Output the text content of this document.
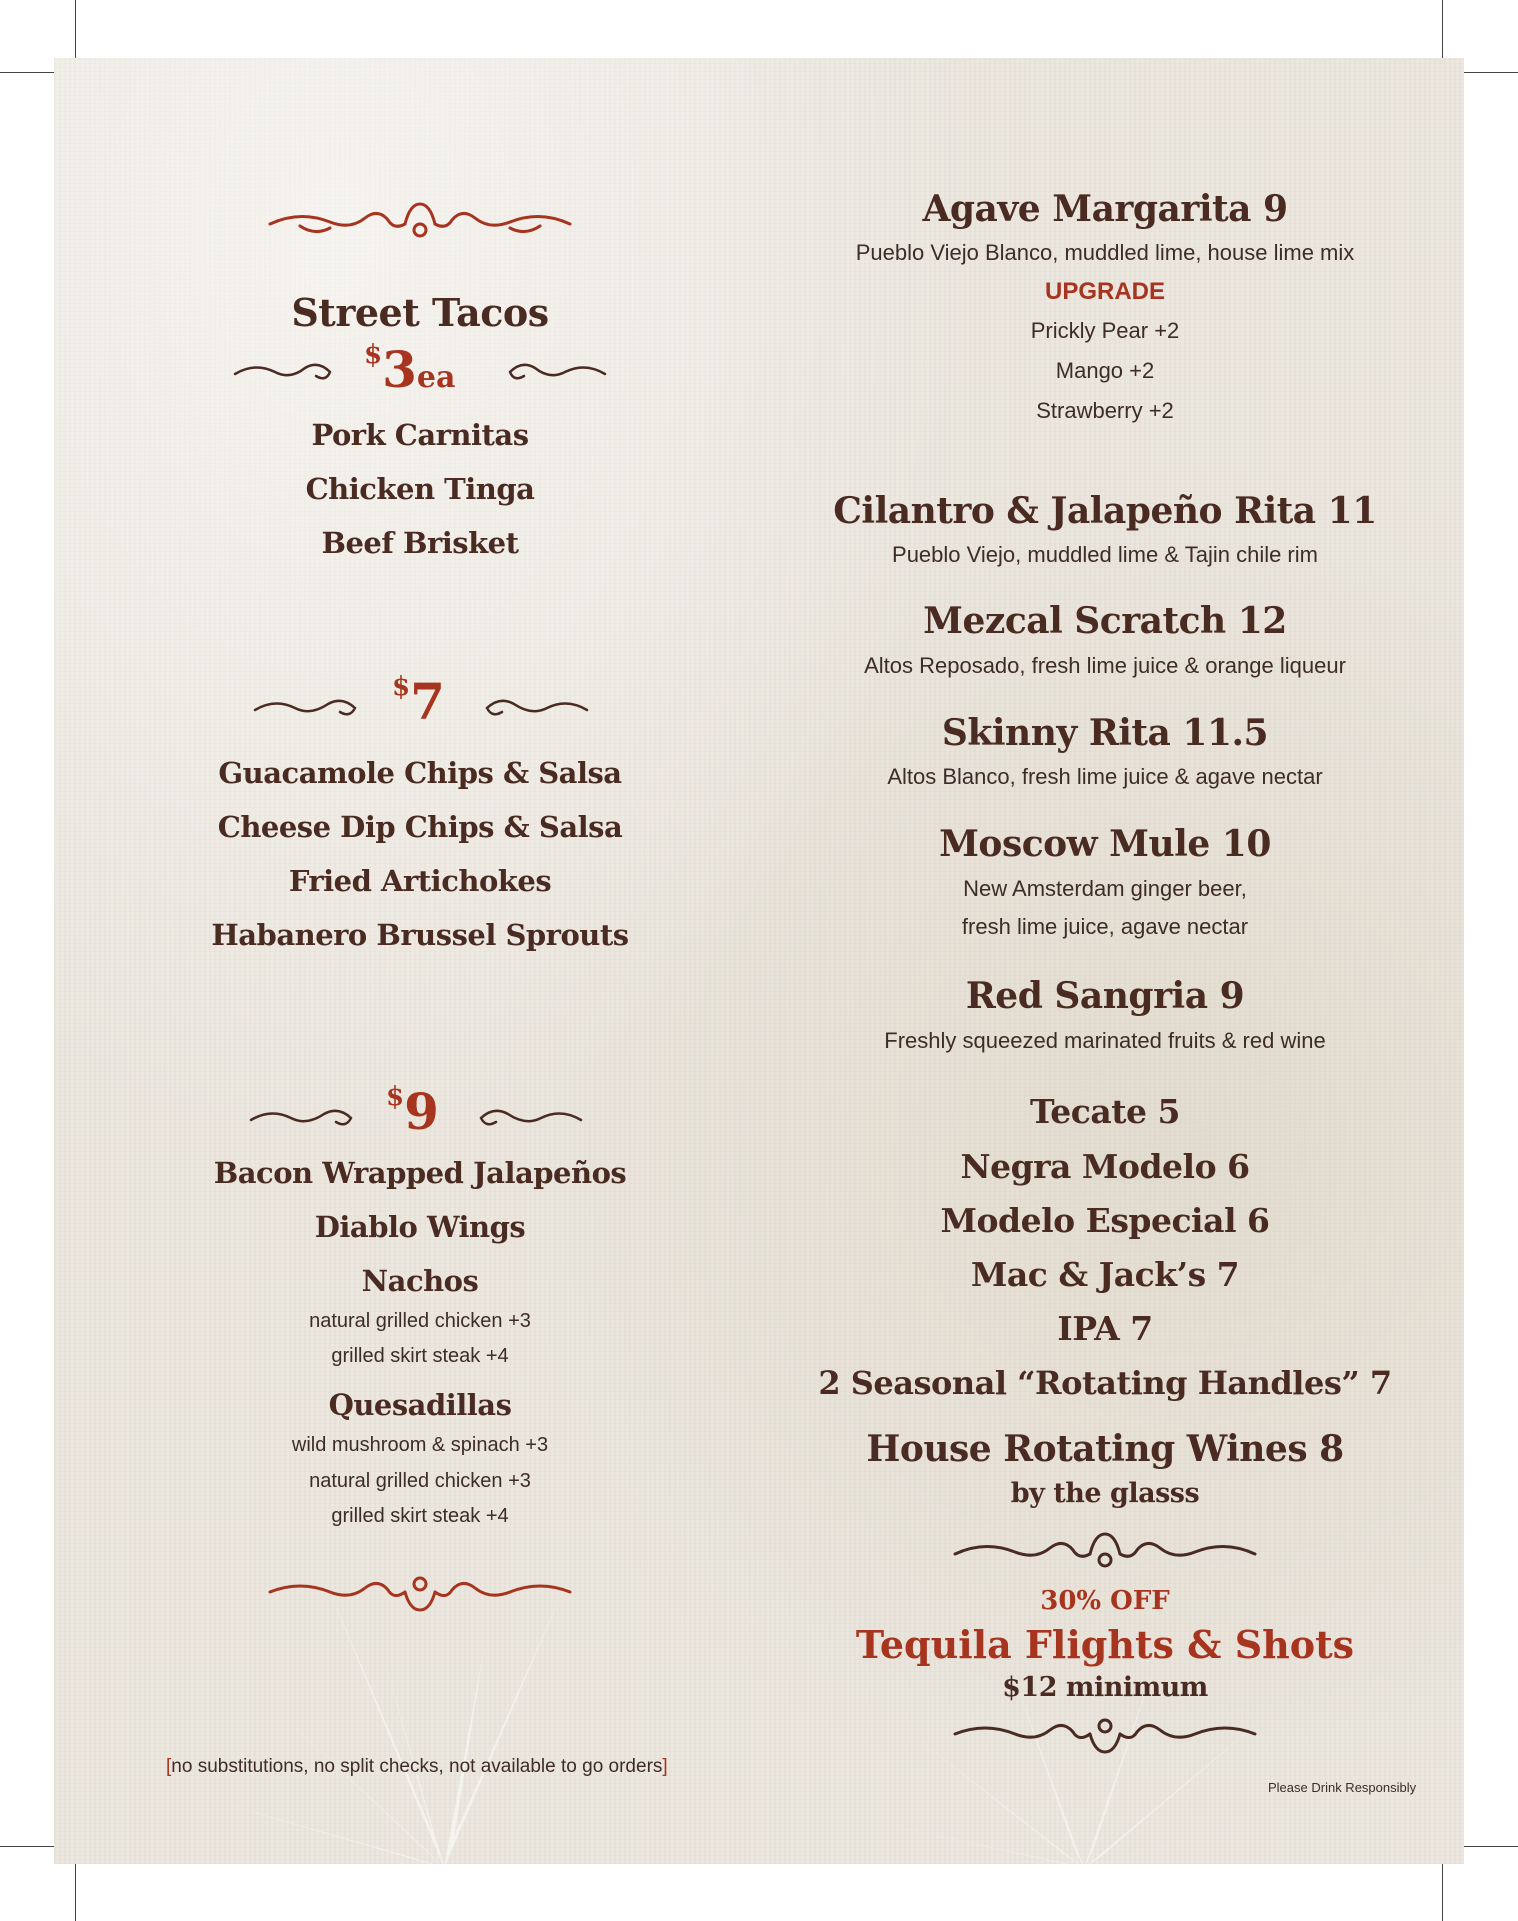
Street Tacos
$3ea
Pork Carnitas
Chicken Tinga
Beef Brisket
$7
Guacamole Chips & Salsa
Cheese Dip Chips & Salsa
Fried Artichokes
Habanero Brussel Sprouts
$9
Bacon Wrapped Jalapeños
Diablo Wings
Nachos
natural grilled chicken +3
grilled skirt steak +4
Quesadillas
wild mushroom & spinach +3
natural grilled chicken +3
grilled skirt steak +4
[no substitutions, no split checks, not available to go orders]
Agave Margarita 9
Pueblo Viejo Blanco, muddled lime, house lime mix
UPGRADE
Prickly Pear +2
Mango +2
Strawberry +2
Cilantro & Jalapeño Rita 11
Pueblo Viejo, muddled lime & Tajin chile rim
Mezcal Scratch 12
Altos Reposado, fresh lime juice & orange liqueur
Skinny Rita 11.5
Altos Blanco, fresh lime juice & agave nectar
Moscow Mule 10
New Amsterdam ginger beer,
fresh lime juice, agave nectar
Red Sangria 9
Freshly squeezed marinated fruits & red wine
Tecate 5
Negra Modelo 6
Modelo Especial 6
Mac & Jack’s 7
IPA 7
2 Seasonal “Rotating Handles” 7
House Rotating Wines 8
by the glasss
30% OFF
Tequila Flights & Shots
$12 minimum
Please Drink Responsibly
